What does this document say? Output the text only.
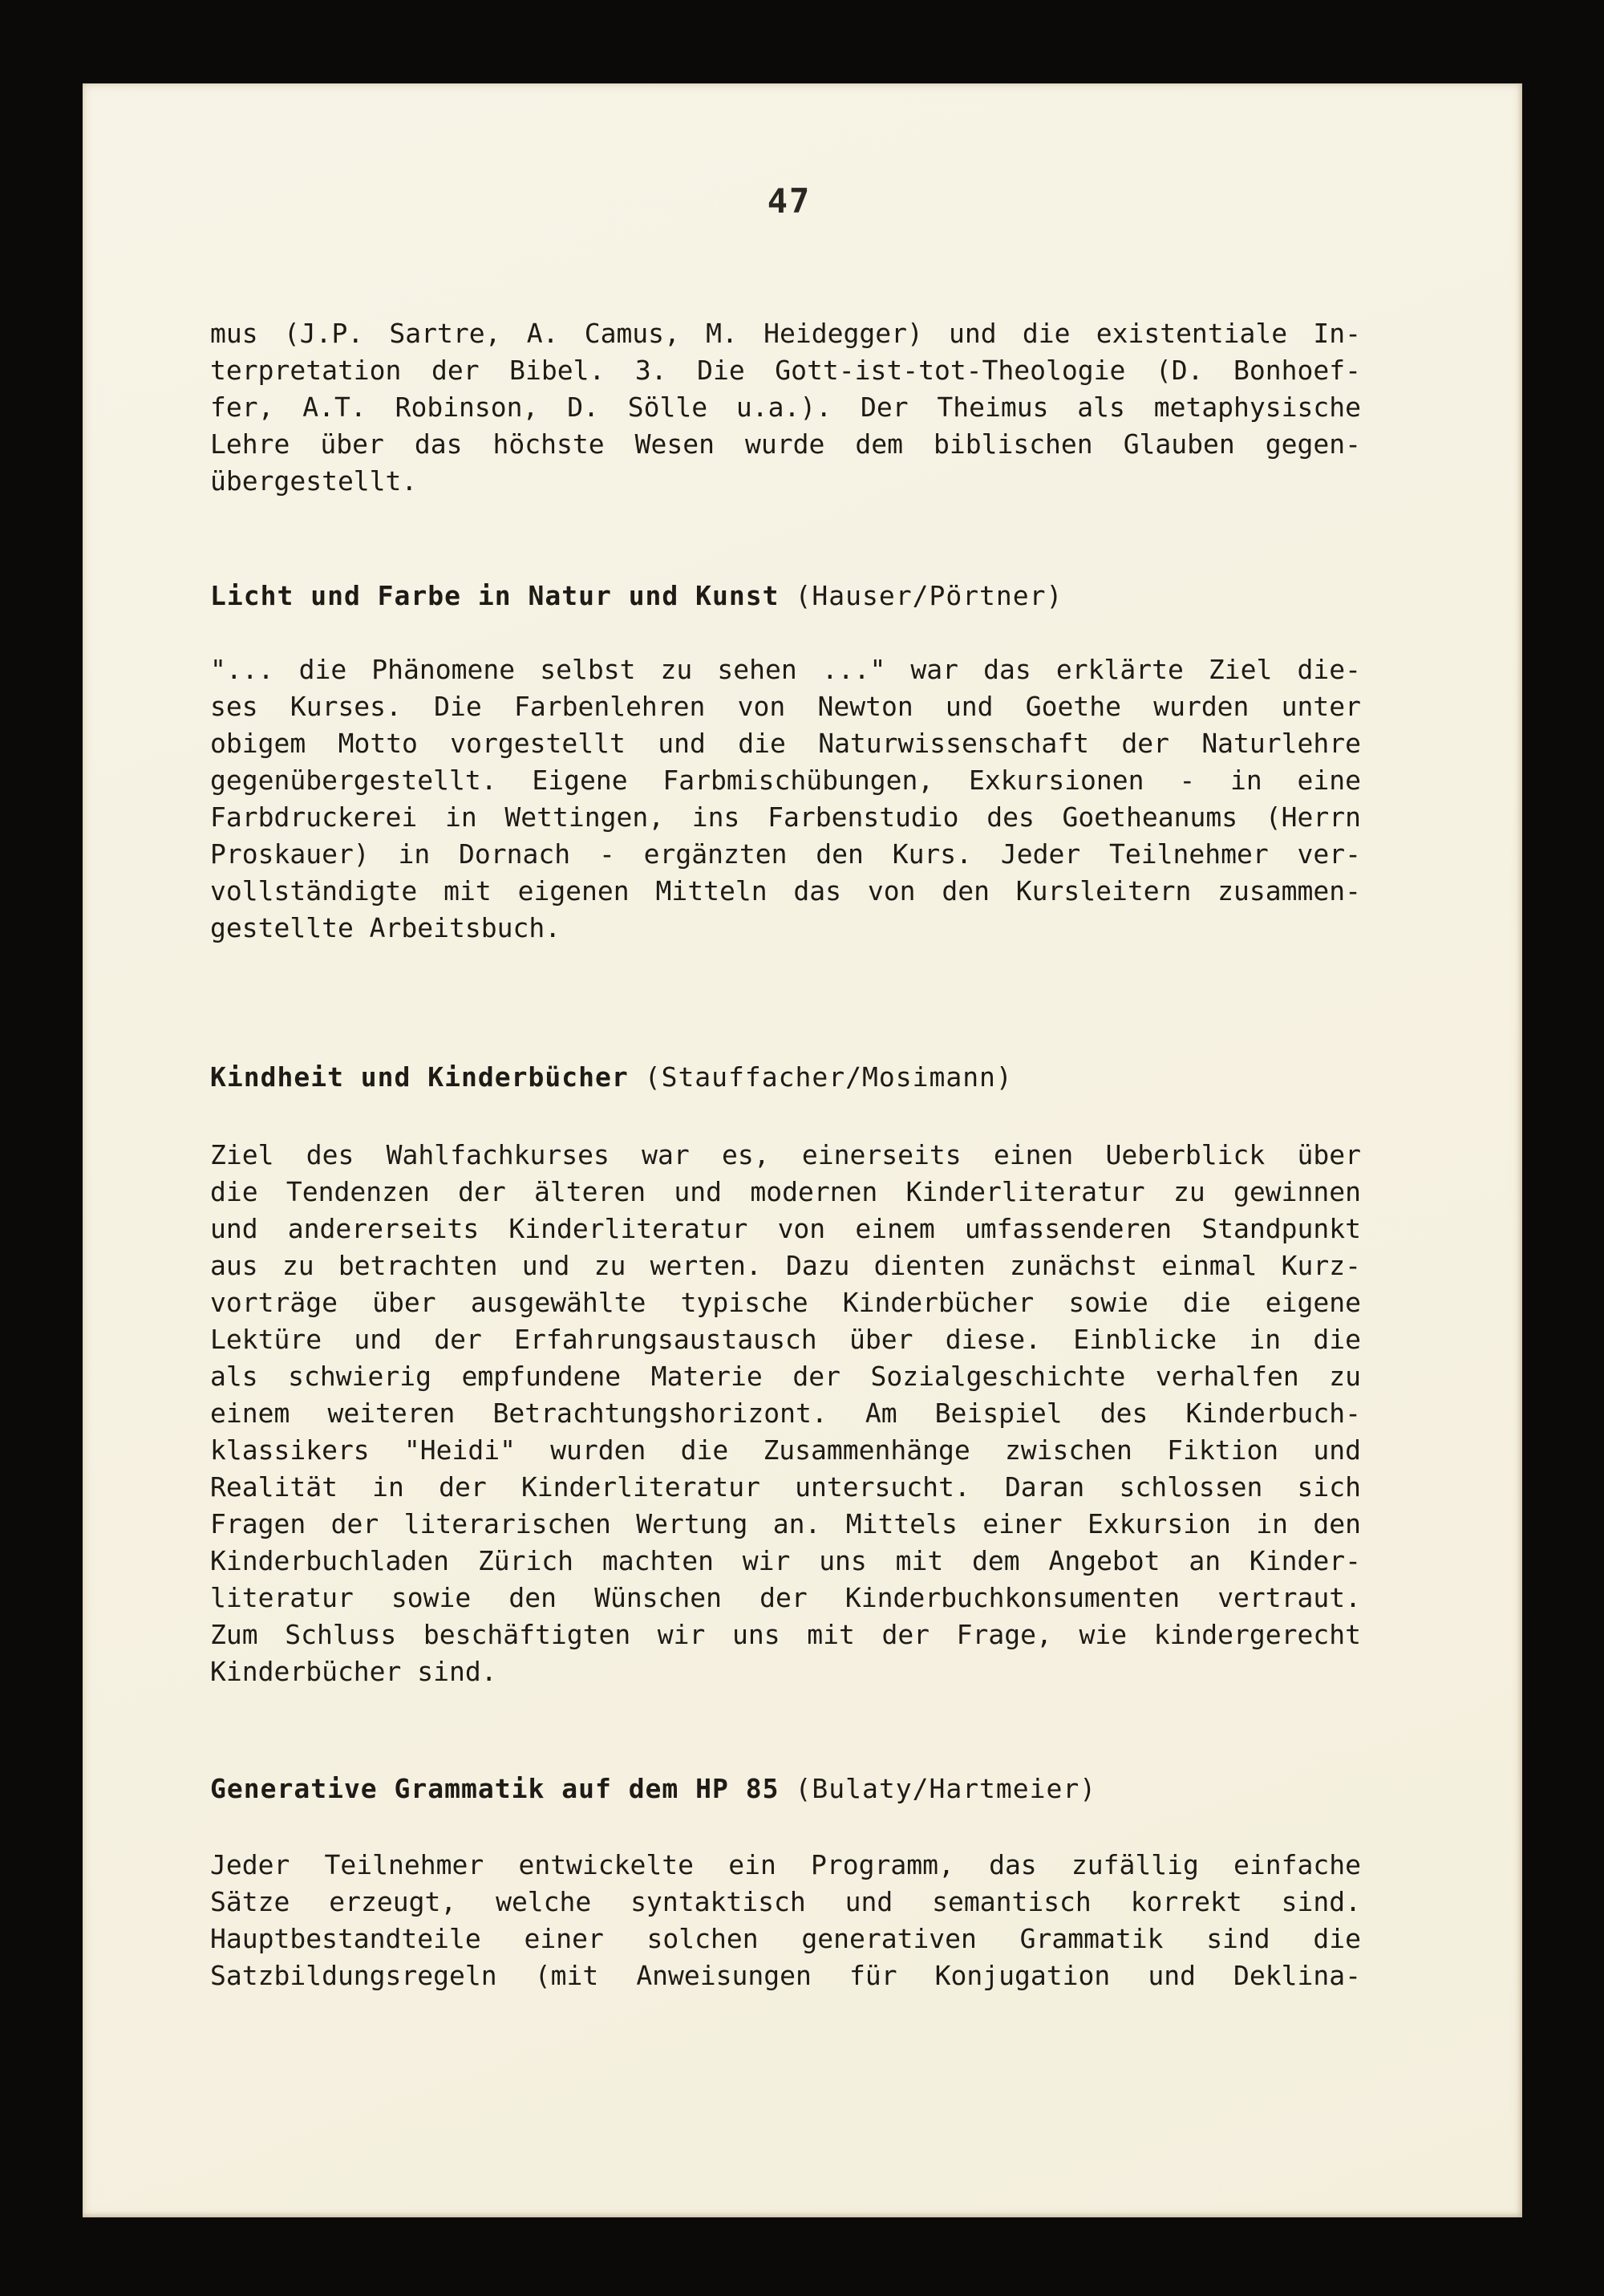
47
mus (J.P. Sartre, A. Camus, M. Heidegger) und die existentiale In-
terpretation der Bibel. 3. Die Gott-ist-tot-Theologie (D. Bonhoef-
fer, A.T. Robinson, D. Sölle u.a.). Der Theimus als metaphysische
Lehre über das höchste Wesen wurde dem biblischen Glauben gegen-
übergestellt.
Licht und Farbe in Natur und Kunst (Hauser/Pörtner)
"... die Phänomene selbst zu sehen ..." war das erklärte Ziel die-
ses Kurses. Die Farbenlehren von Newton und Goethe wurden unter
obigem Motto vorgestellt und die Naturwissenschaft der Naturlehre
gegenübergestellt. Eigene Farbmischübungen, Exkursionen - in eine
Farbdruckerei in Wettingen, ins Farbenstudio des Goetheanums (Herrn
Proskauer) in Dornach - ergänzten den Kurs. Jeder Teilnehmer ver-
vollständigte mit eigenen Mitteln das von den Kursleitern zusammen-
gestellte Arbeitsbuch.
Kindheit und Kinderbücher (Stauffacher/Mosimann)
Ziel des Wahlfachkurses war es, einerseits einen Ueberblick über
die Tendenzen der älteren und modernen Kinderliteratur zu gewinnen
und andererseits Kinderliteratur von einem umfassenderen Standpunkt
aus zu betrachten und zu werten. Dazu dienten zunächst einmal Kurz-
vorträge über ausgewählte typische Kinderbücher sowie die eigene
Lektüre und der Erfahrungsaustausch über diese. Einblicke in die
als schwierig empfundene Materie der Sozialgeschichte verhalfen zu
einem weiteren Betrachtungshorizont. Am Beispiel des Kinderbuch-
klassikers "Heidi" wurden die Zusammenhänge zwischen Fiktion und
Realität in der Kinderliteratur untersucht. Daran schlossen sich
Fragen der literarischen Wertung an. Mittels einer Exkursion in den
Kinderbuchladen Zürich machten wir uns mit dem Angebot an Kinder-
literatur sowie den Wünschen der Kinderbuchkonsumenten vertraut.
Zum Schluss beschäftigten wir uns mit der Frage, wie kindergerecht
Kinderbücher sind.
Generative Grammatik auf dem HP 85 (Bulaty/Hartmeier)
Jeder Teilnehmer entwickelte ein Programm, das zufällig einfache
Sätze erzeugt, welche syntaktisch und semantisch korrekt sind.
Hauptbestandteile einer solchen generativen Grammatik sind die
Satzbildungsregeln (mit Anweisungen für Konjugation und Deklina-
